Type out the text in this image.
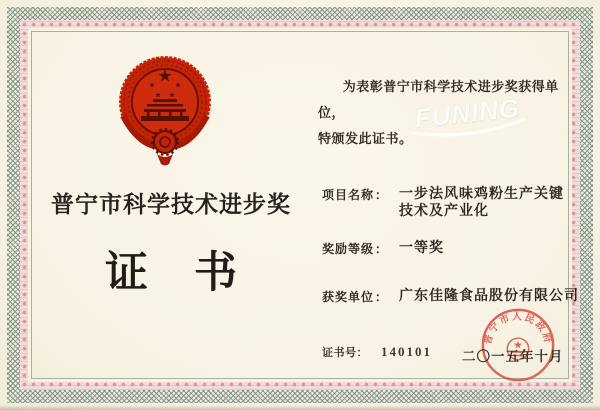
普宁市科学技术进步奖
证 书
FUNING
为表彰普宁市科学技术进步奖获得单位，
特颁发此证书。
项目名称 ： 一步法风味鸡粉生产关键
技术及产业化
奖励等级 ： 一等奖
获奖单位 ： 广东佳隆食品股份有限公司
证书号： 140101
普宁市人民政府
二〇一五年十月
